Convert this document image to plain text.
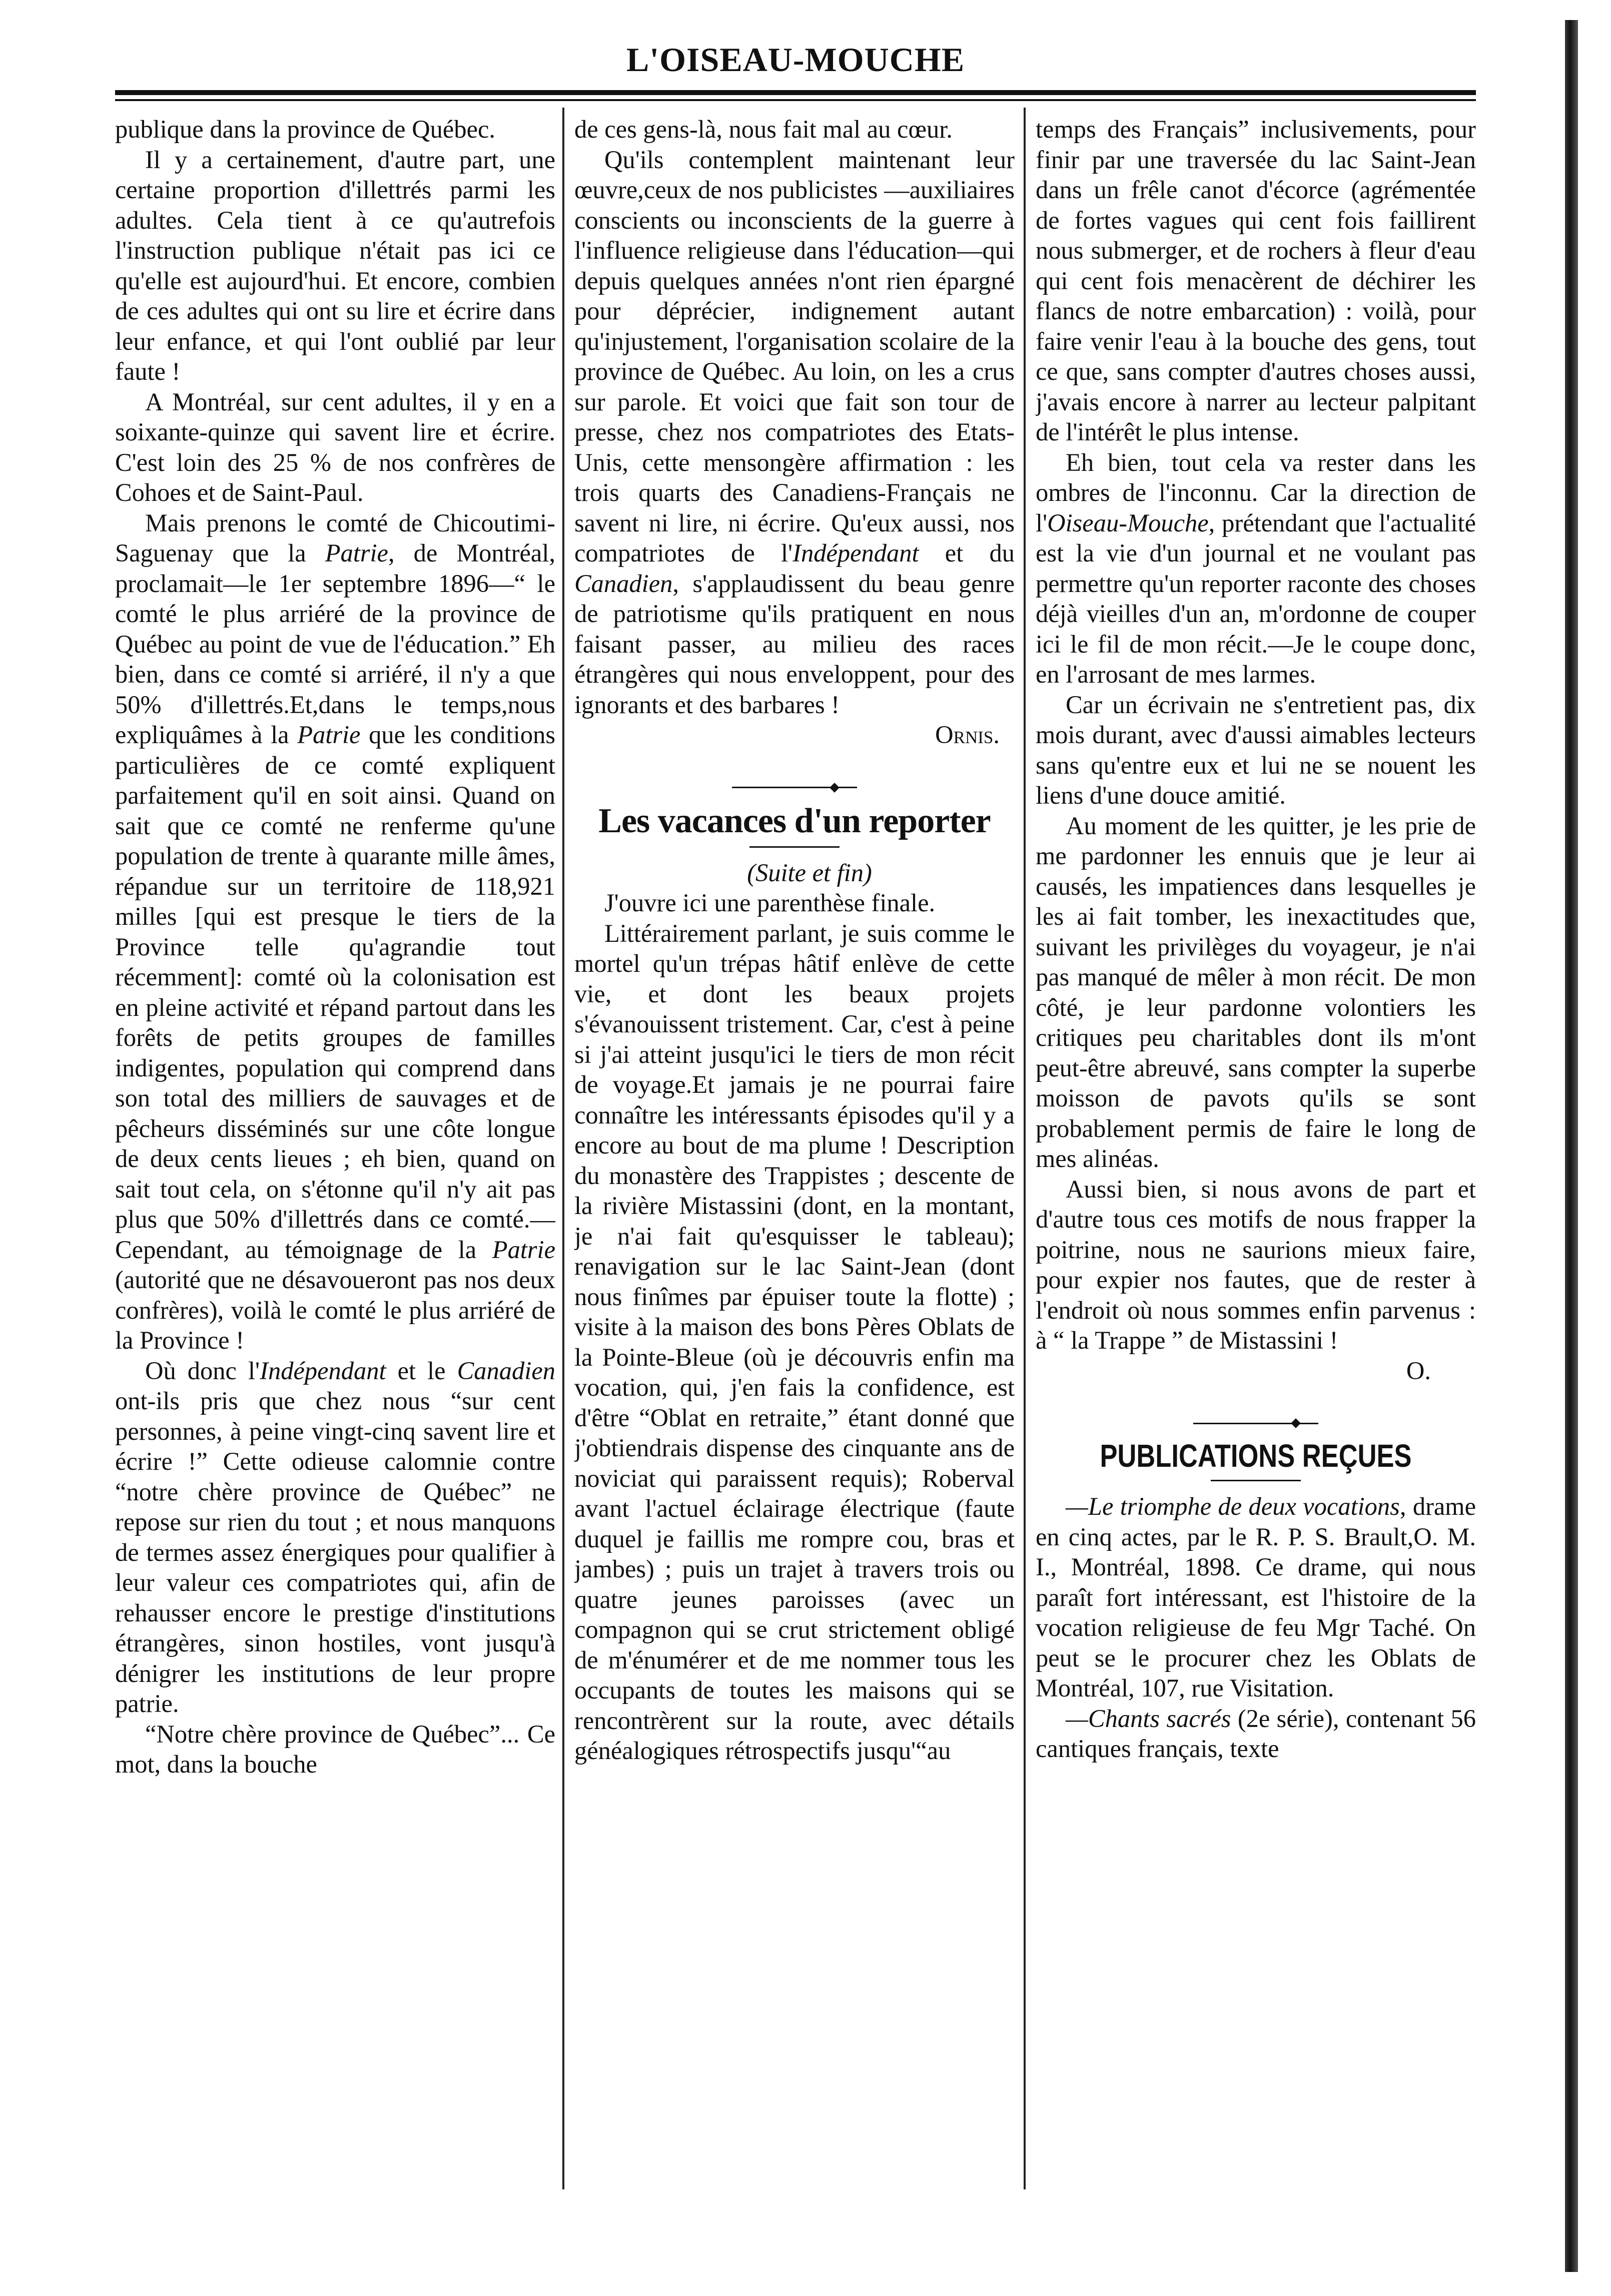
L'OISEAU-MOUCHE

publique dans la province de Québec.

Il y a certainement, d'autre part, une certaine proportion d'illettrés parmi les adultes. Cela tient à ce qu'autrefois l'instruction publique n'était pas ici ce qu'elle est aujourd'hui. Et encore, combien de ces adultes qui ont su lire et écrire dans leur enfance, et qui l'ont oublié par leur faute !

A Montréal, sur cent adultes, il y en a soixante-quinze qui savent lire et écrire. C'est loin des 25 % de nos confrères de Cohoes et de Saint-Paul.

Mais prenons le comté de Chicoutimi-Saguenay que la Patrie, de Montréal, proclamait—le 1er septembre 1896—“ le comté le plus arriéré de la province de Québec au point de vue de l'éducation.” Eh bien, dans ce comté si arriéré, il n'y a que 50% d'illettrés.Et,dans le temps,nous expliquâmes à la Patrie que les conditions particulières de ce comté expliquent parfaitement qu'il en soit ainsi. Quand on sait que ce comté ne renferme qu'une population de trente à quarante mille âmes, répandue sur un territoire de 118,921 milles [qui est presque le tiers de la Province telle qu'agrandie tout récemment]: comté où la colonisation est en pleine activité et répand partout dans les forêts de petits groupes de familles indigentes, population qui comprend dans son total des milliers de sauvages et de pêcheurs disséminés sur une côte longue de deux cents lieues ; eh bien, quand on sait tout cela, on s'étonne qu'il n'y ait pas plus que 50% d'illettrés dans ce comté.—Cependant, au témoignage de la Patrie (autorité que ne désavoueront pas nos deux confrères), voilà le comté le plus arriéré de la Province !

Où donc l'Indépendant et le Canadien ont-ils pris que chez nous “sur cent personnes, à peine vingt-cinq savent lire et écrire !” Cette odieuse calomnie contre “notre chère province de Québec” ne repose sur rien du tout ; et nous manquons de termes assez énergiques pour qualifier à leur valeur ces compatriotes qui, afin de rehausser encore le prestige d'institutions étrangères, sinon hostiles, vont jusqu'à dénigrer les institutions de leur propre patrie.

“Notre chère province de Québec”... Ce mot, dans la bouche

de ces gens-là, nous fait mal au cœur.

Qu'ils contemplent maintenant leur œuvre,ceux de nos publicistes —auxiliaires conscients ou inconscients de la guerre à l'influence religieuse dans l'éducation—qui depuis quelques années n'ont rien épargné pour déprécier, indignement autant qu'injustement, l'organisation scolaire de la province de Québec. Au loin, on les a crus sur parole. Et voici que fait son tour de presse, chez nos compatriotes des Etats-Unis, cette mensongère affirmation : les trois quarts des Canadiens-Français ne savent ni lire, ni écrire. Qu'eux aussi, nos compatriotes de l'Indépendant et du Canadien, s'applaudissent du beau genre de patriotisme qu'ils pratiquent en nous faisant passer, au milieu des races étrangères qui nous enveloppent, pour des ignorants et des barbares !

Ornis.

Les vacances d'un reporter

(Suite et fin)

J'ouvre ici une parenthèse finale.

Littérairement parlant, je suis comme le mortel qu'un trépas hâtif enlève de cette vie, et dont les beaux projets s'évanouissent tristement. Car, c'est à peine si j'ai atteint jusqu'ici le tiers de mon récit de voyage.Et jamais je ne pourrai faire connaître les intéressants épisodes qu'il y a encore au bout de ma plume ! Description du monastère des Trappistes ; descente de la rivière Mistassini (dont, en la montant, je n'ai fait qu'esquisser le tableau); renavigation sur le lac Saint-Jean (dont nous finîmes par épuiser toute la flotte) ; visite à la maison des bons Pères Oblats de la Pointe-Bleue (où je découvris enfin ma vocation, qui, j'en fais la confidence, est d'être “Oblat en retraite,” étant donné que j'obtiendrais dispense des cinquante ans de noviciat qui paraissent requis); Roberval avant l'actuel éclairage électrique (faute duquel je faillis me rompre cou, bras et jambes) ; puis un trajet à travers trois ou quatre jeunes paroisses (avec un compagnon qui se crut strictement obligé de m'énumérer et de me nommer tous les occupants de toutes les maisons qui se rencontrèrent sur la route, avec détails généalogiques rétrospectifs jusqu'“au

temps des Français” inclusivements, pour finir par une traversée du lac Saint-Jean dans un frêle canot d'écorce (agrémentée de fortes vagues qui cent fois faillirent nous submerger, et de rochers à fleur d'eau qui cent fois menacèrent de déchirer les flancs de notre embarcation) : voilà, pour faire venir l'eau à la bouche des gens, tout ce que, sans compter d'autres choses aussi, j'avais encore à narrer au lecteur palpitant de l'intérêt le plus intense.

Eh bien, tout cela va rester dans les ombres de l'inconnu. Car la direction de l'Oiseau-Mouche, prétendant que l'actualité est la vie d'un journal et ne voulant pas permettre qu'un reporter raconte des choses déjà vieilles d'un an, m'ordonne de couper ici le fil de mon récit.—Je le coupe donc, en l'arrosant de mes larmes.

Car un écrivain ne s'entretient pas, dix mois durant, avec d'aussi aimables lecteurs sans qu'entre eux et lui ne se nouent les liens d'une douce amitié.

Au moment de les quitter, je les prie de me pardonner les ennuis que je leur ai causés, les impatiences dans lesquelles je les ai fait tomber, les inexactitudes que, suivant les privilèges du voyageur, je n'ai pas manqué de mêler à mon récit. De mon côté, je leur pardonne volontiers les critiques peu charitables dont ils m'ont peut-être abreuvé, sans compter la superbe moisson de pavots qu'ils se sont probablement permis de faire le long de mes alinéas.

Aussi bien, si nous avons de part et d'autre tous ces motifs de nous frapper la poitrine, nous ne saurions mieux faire, pour expier nos fautes, que de rester à l'endroit où nous sommes enfin parvenus : à “ la Trappe ” de Mistassini !

O.

PUBLICATIONS REÇUES

—Le triomphe de deux vocations, drame en cinq actes, par le R. P. S. Brault,O. M. I., Montréal, 1898. Ce drame, qui nous paraît fort intéressant, est l'histoire de la vocation religieuse de feu Mgr Taché. On peut se le procurer chez les Oblats de Montréal, 107, rue Visitation.

—Chants sacrés (2e série), contenant 56 cantiques français, texte
